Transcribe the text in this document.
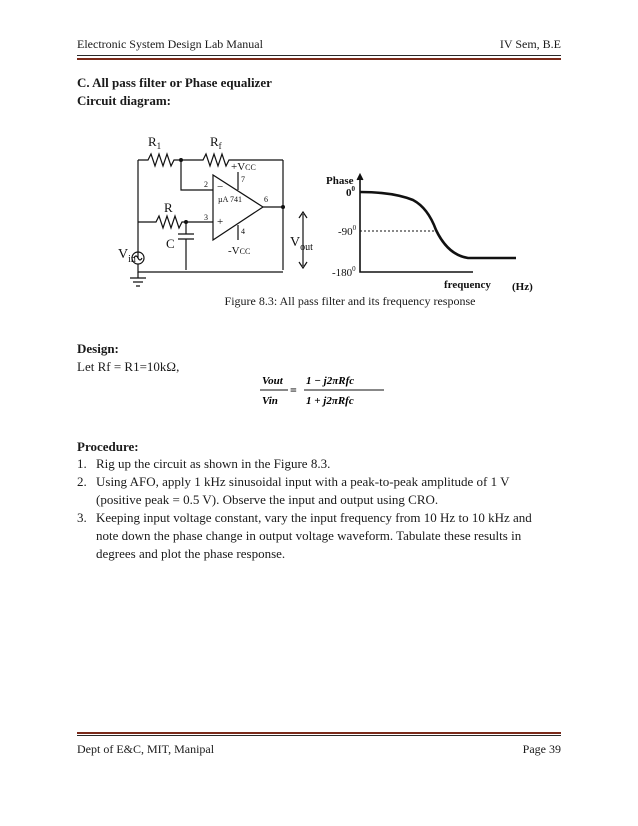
Electronic System Design Lab Manual	IV Sem, B.E
C. All pass filter or Phase equalizer
Circuit diagram:
$R_1$	$R_f$
R
C
µA 741
+VCC
-VCC
$V_{in}$
$V_{out}$
2
3
7
4
6
−
+
Phase
$0^0$
$-90^0$
$-180^0$
frequency (Hz)
Figure 8.3: All pass filter and its frequency response
Design:
Let Rf = R1=10kΩ,
Vout
Vin
=
1 − j2πRfc
1 + j2πRfc
Procedure:
1. Rig up the circuit as shown in the Figure 8.3.
2. Using AFO, apply 1 kHz sinusoidal input with a peak-to-peak amplitude of 1 V (positive peak = 0.5 V). Observe the input and output using CRO.
3. Keeping input voltage constant, vary the input frequency from 10 Hz to 10 kHz and note down the phase change in output voltage waveform. Tabulate these results in degrees and plot the phase response.
Dept of E&C, MIT, Manipal	Page 39
